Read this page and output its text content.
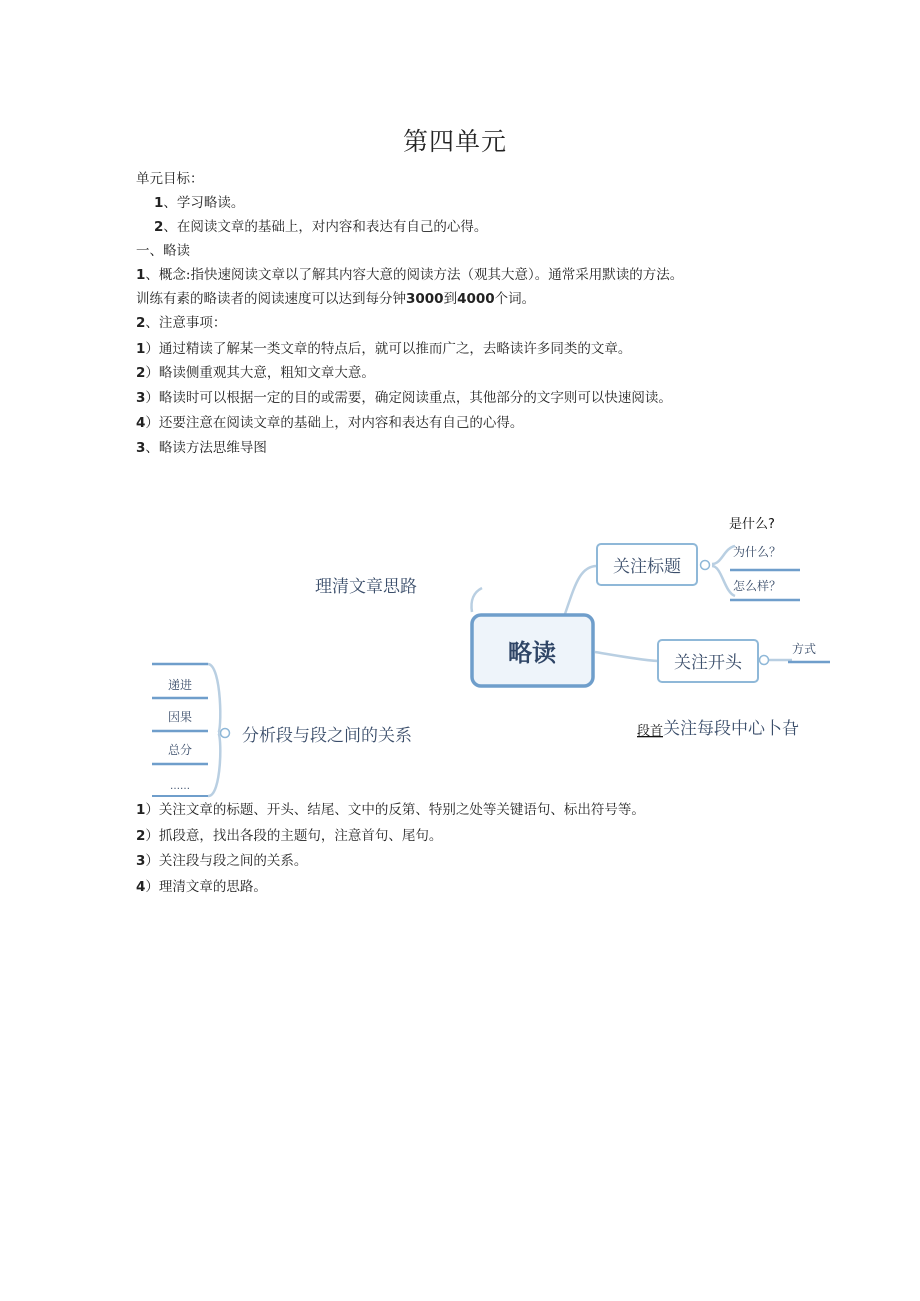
第四单元
单元目标：
1、学习略读。
2、在阅读文章的基础上，对内容和表达有自己的心得。
一、略读
1、概念:指快速阅读文章以了解其内容大意的阅读方法（观其大意）。通常采用默读的方法。
训练有素的略读者的阅读速度可以达到每分钟3000到4000个词。
2、注意事项：
1）通过精读了解某一类文章的特点后，就可以推而广之，去略读许多同类的文章。
2）略读侧重观其大意，粗知文章大意。
3）略读时可以根据一定的目的或需要，确定阅读重点，其他部分的文字则可以快速阅读。
4）还要注意在阅读文章的基础上，对内容和表达有自己的心得。
3、略读方法思维导图
略读
关注标题
是什么?
为什么？
怎么样？
关注开头
方式
段首 关注每段中心卜旮
理清文章思路
分析段与段之间的关系
递进
因果
总分
……
1）关注文章的标题、开头、结尾、文中的反第、特别之处等关键语句、标出符号等。
2）抓段意，找出各段的主题句，注意首句、尾句。
3）关注段与段之间的关系。
4）理清文章的思路。
